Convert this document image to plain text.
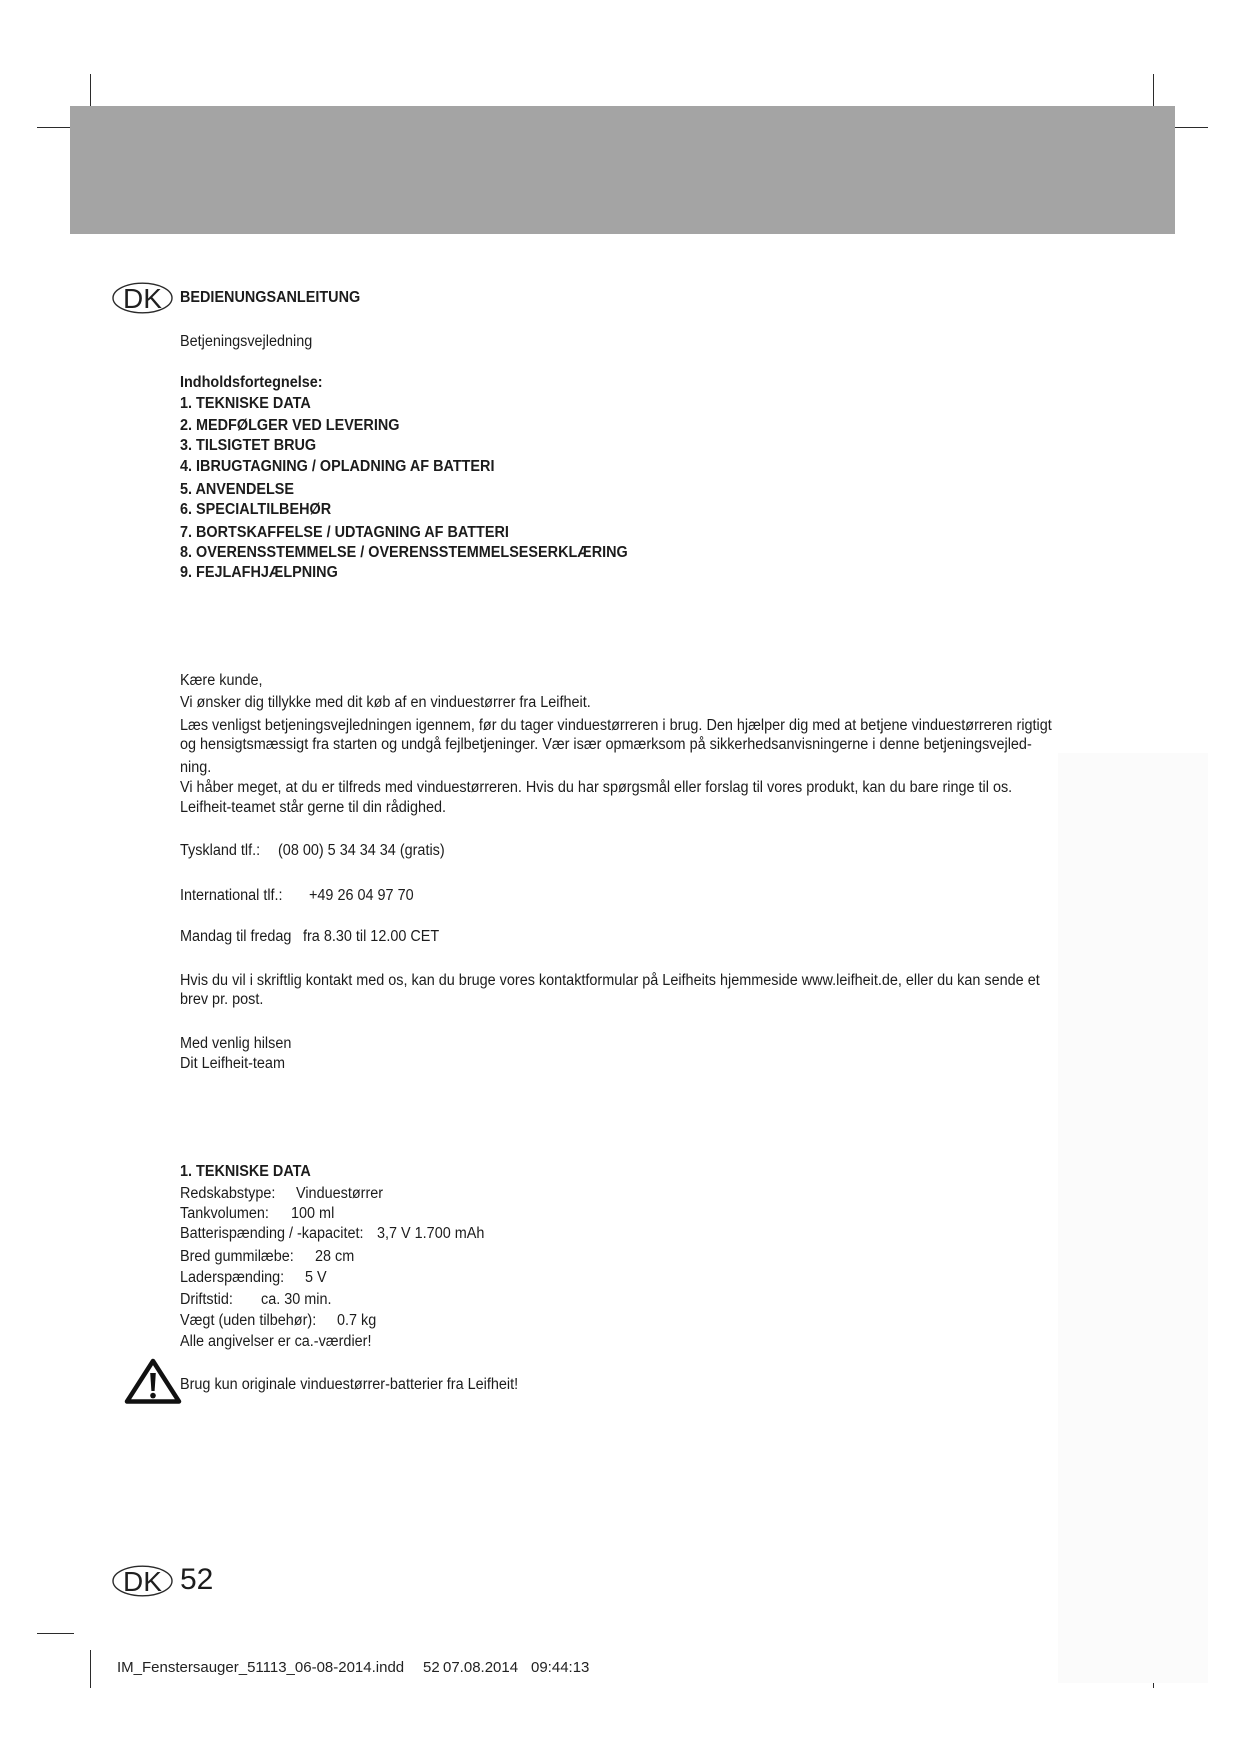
DK BEDIENUNGSANLEITUNG
Betjeningsvejledning
Indholdsfortegnelse:
1. TEKNISKE DATA
2. MEDFØLGER VED LEVERING
3. TILSIGTET BRUG
4. IBRUGTAGNING / OPLADNING AF BATTERI
5. ANVENDELSE
6. SPECIALTILBEHØR
7. BORTSKAFFELSE / UDTAGNING AF BATTERI
8. OVERENSSTEMMELSE / OVERENSSTEMMELSESERKLÆRING
9. FEJLAFHJÆLPNING
Kære kunde,
Vi ønsker dig tillykke med dit køb af en vinduestørrer fra Leifheit.
Læs venligst betjeningsvejledningen igennem, før du tager vinduestørreren i brug. Den hjælper dig med at betjene vinduestørreren rigtigt
og hensigtsmæssigt fra starten og undgå fejlbetjeninger. Vær især opmærksom på sikkerhedsanvisningerne i denne betjeningsvejled-
ning.
Vi håber meget, at du er tilfreds med vinduestørreren. Hvis du har spørgsmål eller forslag til vores produkt, kan du bare ringe til os.
Leifheit-teamet står gerne til din rådighed.
Tyskland tlf.: (08 00) 5 34 34 34 (gratis)
International tlf.: +49 26 04 97 70
Mandag til fredag fra 8.30 til 12.00 CET
Hvis du vil i skriftlig kontakt med os, kan du bruge vores kontaktformular på Leifheits hjemmeside www.leifheit.de, eller du kan sende et
brev pr. post.
Med venlig hilsen
Dit Leifheit-team
1. TEKNISKE DATA
Redskabstype: Vinduestørrer
Tankvolumen: 100 ml
Batterispænding / -kapacitet: 3,7 V 1.700 mAh
Bred gummilæbe: 28 cm
Laderspænding: 5 V
Driftstid: ca. 30 min.
Vægt (uden tilbehør): 0.7 kg
Alle angivelser er ca.-værdier!
Brug kun originale vinduestørrer-batterier fra Leifheit!
DK 52
IM_Fenstersauger_51113_06-08-2014.indd 52 07.08.2014 09:44:13
